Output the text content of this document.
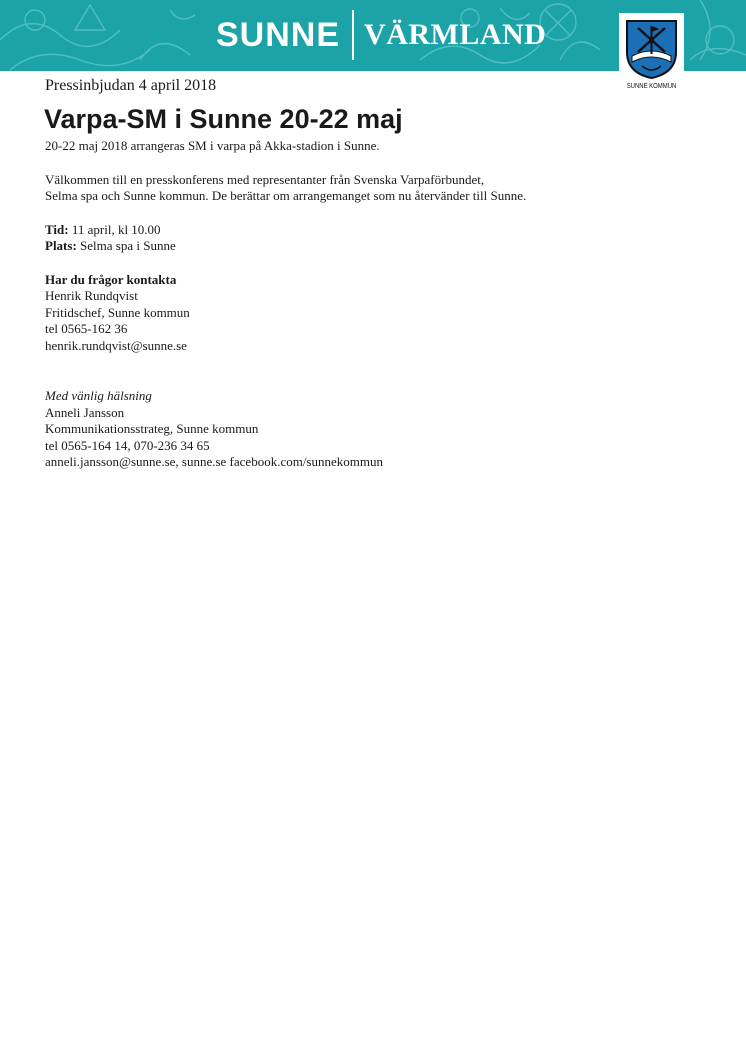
SUNNE VÄRMLAND
SUNNE KOMMUN

Pressinbjudan 4 april 2018

Varpa-SM i Sunne 20-22 maj

20-22 maj 2018 arrangeras SM i varpa på Akka-stadion i Sunne.

Välkommen till en presskonferens med representanter från Svenska Varpaförbundet,

Selma spa och Sunne kommun. De berättar om arrangemanget som nu återvänder till Sunne.

Tid: 11 april, kl 10.00

Plats: Selma spa i Sunne

Har du frågor kontakta

Henrik Rundqvist

Fritidschef, Sunne kommun

tel 0565-162 36

henrik.rundqvist@sunne.se

Med vänlig hälsning

Anneli Jansson

Kommunikationsstrateg, Sunne kommun

tel 0565-164 14, 070-236 34 65

anneli.jansson@sunne.se, sunne.se facebook.com/sunnekommun
